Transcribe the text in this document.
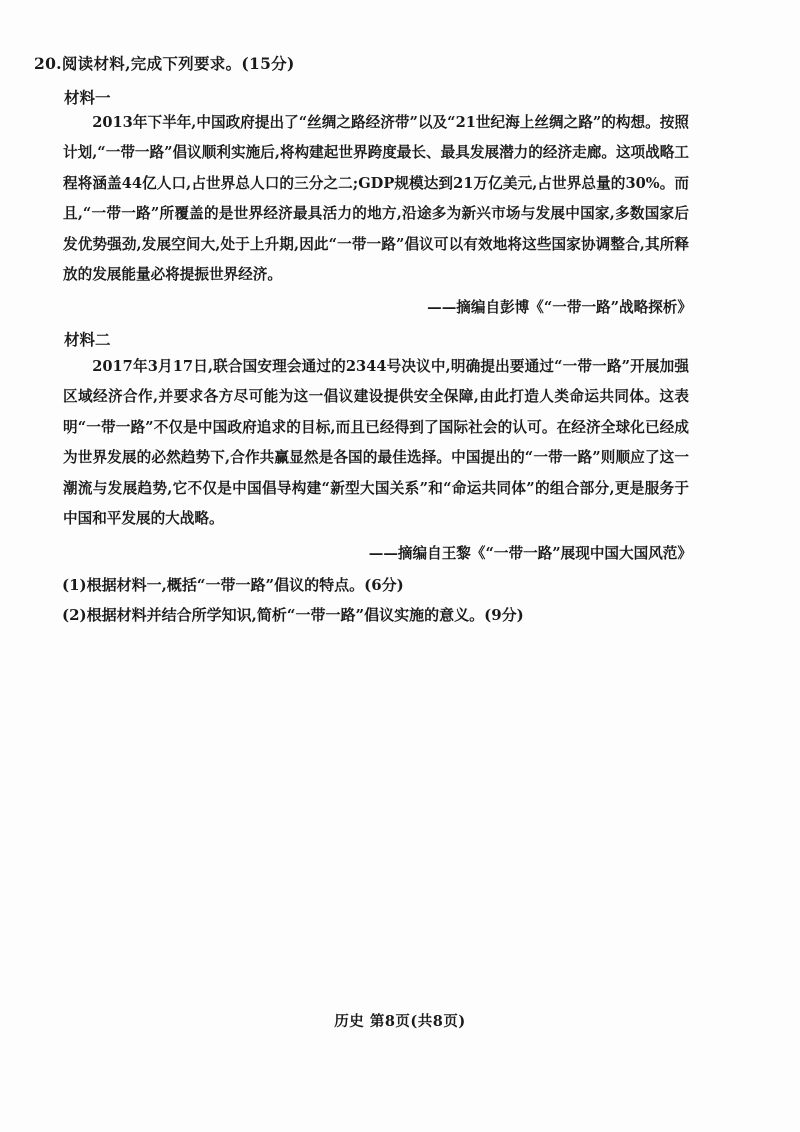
20.阅读材料,完成下列要求。(15分)
材料一
2013年下半年,中国政府提出了“丝绸之路经济带”以及“21世纪海上丝绸之路”的构想。按照计划,“一带一路”倡议顺利实施后,将构建起世界跨度最长、最具发展潜力的经济走廊。这项战略工程将涵盖44亿人口,占世界总人口的三分之二;GDP规模达到21万亿美元,占世界总量的30%。而且,“一带一路”所覆盖的是世界经济最具活力的地方,沿途多为新兴市场与发展中国家,多数国家后发优势强劲,发展空间大,处于上升期,因此“一带一路”倡议可以有效地将这些国家协调整合,其所释放的发展能量必将提振世界经济。
——摘编自彭博《“一带一路”战略探析》
材料二
2017年3月17日,联合国安理会通过的2344号决议中,明确提出要通过“一带一路”开展加强区域经济合作,并要求各方尽可能为这一倡议建设提供安全保障,由此打造人类命运共同体。这表明“一带一路”不仅是中国政府追求的目标,而且已经得到了国际社会的认可。在经济全球化已经成为世界发展的必然趋势下,合作共赢显然是各国的最佳选择。中国提出的“一带一路”则顺应了这一潮流与发展趋势,它不仅是中国倡导构建“新型大国关系”和“命运共同体”的组合部分,更是服务于中国和平发展的大战略。
——摘编自王黎《“一带一路”展现中国大国风范》
(1)根据材料一,概括“一带一路”倡议的特点。(6分)
(2)根据材料并结合所学知识,简析“一带一路”倡议实施的意义。(9分)
历史 第8页(共8页)
